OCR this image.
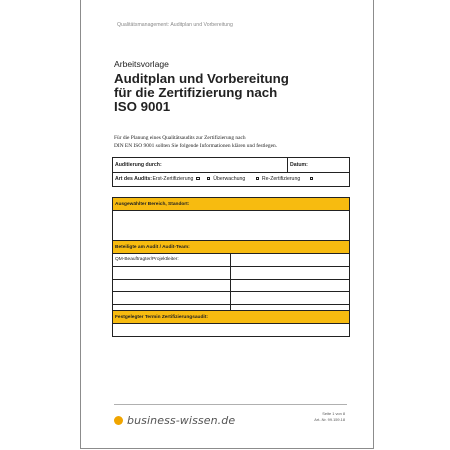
Qualitätsmanagement: Auditplan und Vorbereitung
Arbeitsvorlage
Auditplan und Vorbereitung
für die Zertifizierung nach
ISO 9001
Für die Planung eines Qualitätsaudits zur Zertifizierung nach
DIN EN ISO 9001 sollten Sie folgende Informationen klären und festlegen.
Auditierung durch:	Datum:
Art des Audits: Erst-Zertifizierung	Überwachung	Re-Zertifizierung
Ausgewählter Bereich, Standort:	

Beteiligte am Audit / Audit-Team:	
QM-Beauftragter/Projektleiter:	

Festgelegter Termin Zertifizierungsaudit:	

business-wissen.de
Seite 1 von 8
Art.-Nr. 99.159.18
